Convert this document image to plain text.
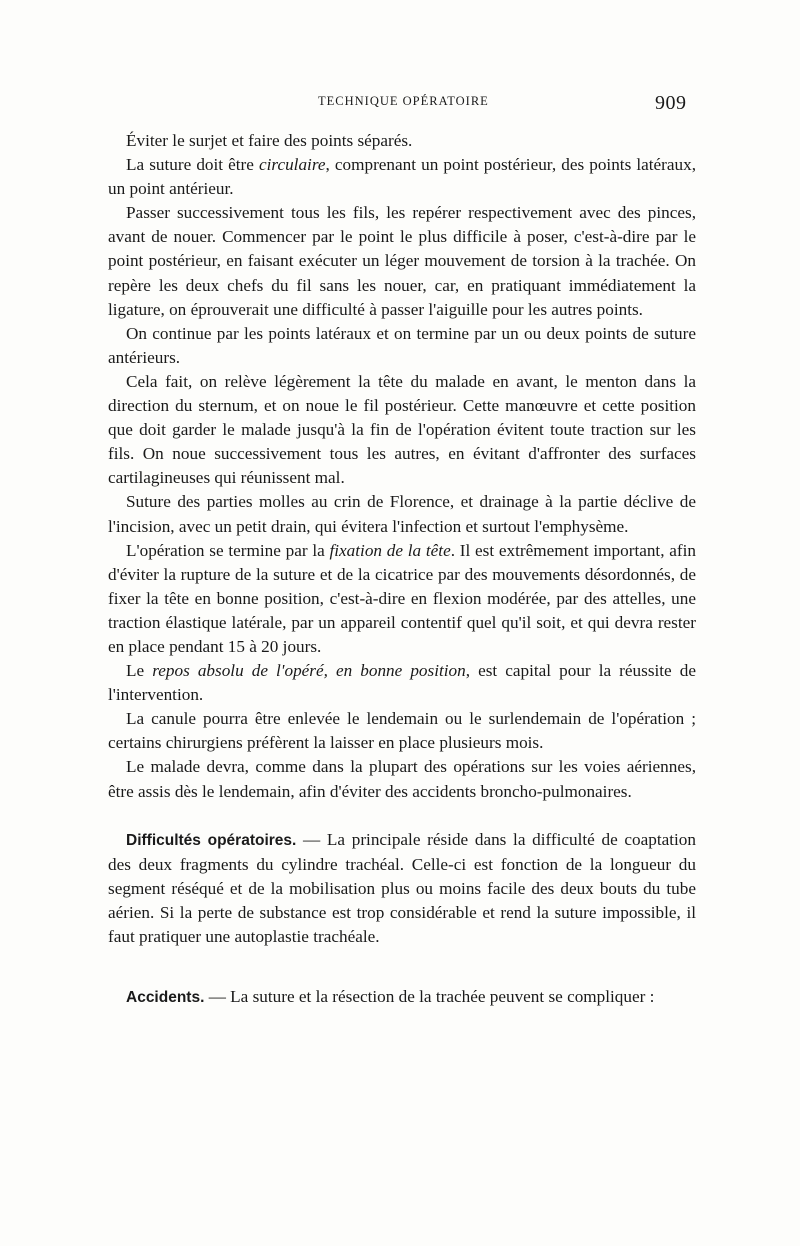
TECHNIQUE OPÉRATOIRE	909

Éviter le surjet et faire des points séparés.

La suture doit être circulaire, comprenant un point postérieur, des points latéraux, un point antérieur.

Passer successivement tous les fils, les repérer respectivement avec des pinces, avant de nouer. Commencer par le point le plus difficile à poser, c'est-à-dire par le point postérieur, en faisant exécuter un léger mouvement de torsion à la trachée. On repère les deux chefs du fil sans les nouer, car, en pratiquant immédiatement la ligature, on éprouverait une difficulté à passer l'aiguille pour les autres points.

On continue par les points latéraux et on termine par un ou deux points de suture antérieurs.

Cela fait, on relève légèrement la tête du malade en avant, le menton dans la direction du sternum, et on noue le fil postérieur. Cette manœuvre et cette position que doit garder le malade jusqu'à la fin de l'opération évitent toute traction sur les fils. On noue successivement tous les autres, en évitant d'affronter des surfaces cartilagineuses qui réunissent mal.

Suture des parties molles au crin de Florence, et drainage à la partie déclive de l'incision, avec un petit drain, qui évitera l'infection et surtout l'emphysème.

L'opération se termine par la fixation de la tête. Il est extrêmement important, afin d'éviter la rupture de la suture et de la cicatrice par des mouvements désordonnés, de fixer la tête en bonne position, c'est-à-dire en flexion modérée, par des attelles, une traction élastique latérale, par un appareil contentif quel qu'il soit, et qui devra rester en place pendant 15 à 20 jours.

Le repos absolu de l'opéré, en bonne position, est capital pour la réussite de l'intervention.

La canule pourra être enlevée le lendemain ou le surlendemain de l'opération ; certains chirurgiens préfèrent la laisser en place plusieurs mois.

Le malade devra, comme dans la plupart des opérations sur les voies aériennes, être assis dès le lendemain, afin d'éviter des accidents broncho-pulmonaires.

Difficultés opératoires. — La principale réside dans la difficulté de coaptation des deux fragments du cylindre trachéal. Celle-ci est fonction de la longueur du segment réséqué et de la mobilisation plus ou moins facile des deux bouts du tube aérien. Si la perte de substance est trop considérable et rend la suture impossible, il faut pratiquer une autoplastie trachéale.

Accidents. — La suture et la résection de la trachée peuvent se compliquer :
